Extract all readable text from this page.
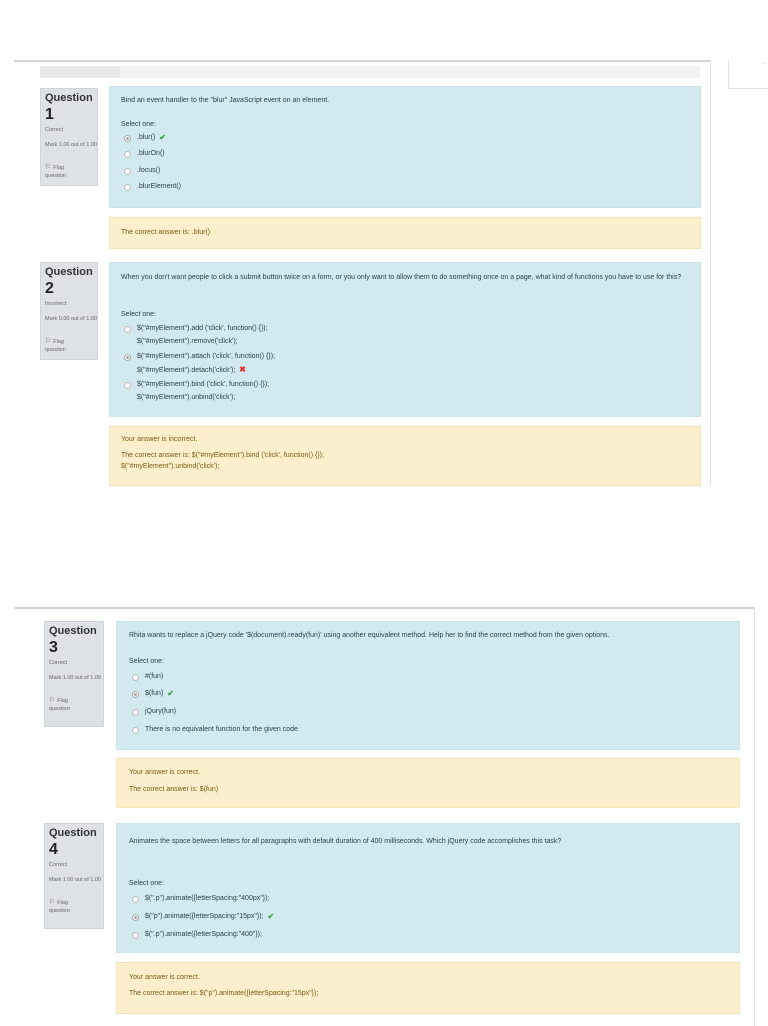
...
Question
1
Correct
Mark 1.00 out of 1.00
⚐ Flag question
Bind an event handler to the "blur" JavaScript event on an element.
Select one:
.blur() ✔
.blurOn()
.focus()
.blurElement()
The correct answer is: .blur()
Question
2
Incorrect
Mark 0.00 out of 1.00
⚐ Flag question
When you don't want people to click a submit button twice on a form, or you only want to allow them to do something once on a page, what kind of functions you have to use for this?
Select one:
$("#myElement").add ('click', function() {});
$("#myElement").remove('click');
$("#myElement").attach ('click', function() {});
$("#myElement").detach('click'); ✖
$("#myElement").bind ('click', function() {});
$("#myElement").unbind('click');
Your answer is incorrect.
The correct answer is: $("#myElement").bind ('click', function() {});
$("#myElement").unbind('click');
Question
3
Correct
Mark 1.00 out of 1.00
⚐ Flag question
Rhita wants to replace a jQuery code '$(document).ready(fun)' using another equivalent method. Help her to find the correct method from the given options.
Select one:
#(fun)
$(fun) ✔
jQury(fun)
There is no equivalent function for the given code
Your answer is correct.
The correct answer is: $(fun)
Question
4
Correct
Mark 1.00 out of 1.00
⚐ Flag question
Animates the space between letters for all paragraphs with default duration of 400 milliseconds. Which jQuery code accomplishes this task?
Select one:
$(".p").animate({letterSpacing:"400px"});
$("p").animate({letterSpacing:"15px"}); ✔
$(".p").animate({letterSpacing:"400"});
Your answer is correct.
The correct answer is: $("p").animate({letterSpacing:"15px"});
